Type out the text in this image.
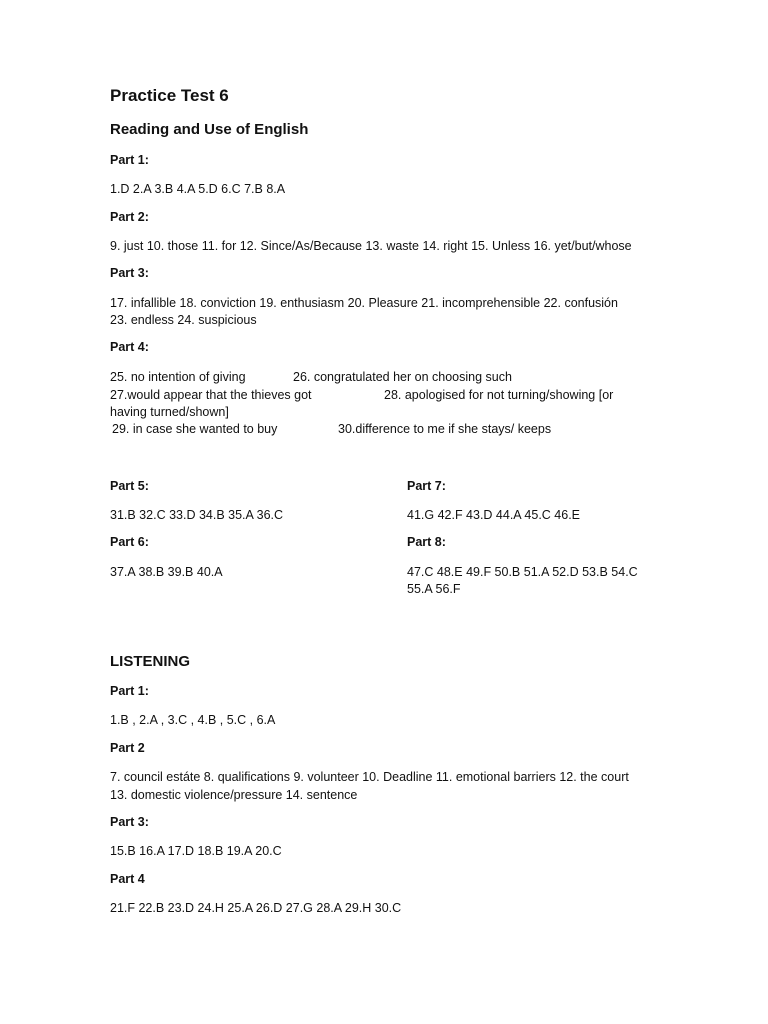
Practice Test 6
Reading and Use of English
Part 1:
1.D 2.A 3.B 4.A 5.D 6.C 7.B 8.A
Part 2:
9. just 10. those 11. for 12. Since/As/Because 13. waste 14. right 15. Unless 16. yet/but/whose
Part 3:
17. infallible 18. conviction 19. enthusiasm 20. Pleasure 21. incomprehensible 22. confusión
23. endless 24. suspicious
Part 4:
25. no intention of giving	26. congratulated her on choosing such
27.would appear that the thieves got	28. apologised for not turning/showing [or
having turned/shown]
29. in case she wanted to buy	30.difference to me if she stays/ keeps
Part 5:
31.B 32.C 33.D 34.B 35.A 36.C
Part 7:
41.G 42.F 43.D 44.A 45.C 46.E
Part 6:
37.A 38.B 39.B 40.A
Part 8:
47.C 48.E 49.F 50.B 51.A 52.D 53.B 54.C
55.A 56.F
LISTENING
Part 1:
1.B , 2.A , 3.C , 4.B , 5.C , 6.A
Part 2
7. council estáte 8. qualifications 9. volunteer 10. Deadline 11. emotional barriers 12. the court
13. domestic violence/pressure 14. sentence
Part 3:
15.B 16.A 17.D 18.B 19.A 20.C
Part 4
21.F 22.B 23.D 24.H 25.A 26.D 27.G 28.A 29.H 30.C
